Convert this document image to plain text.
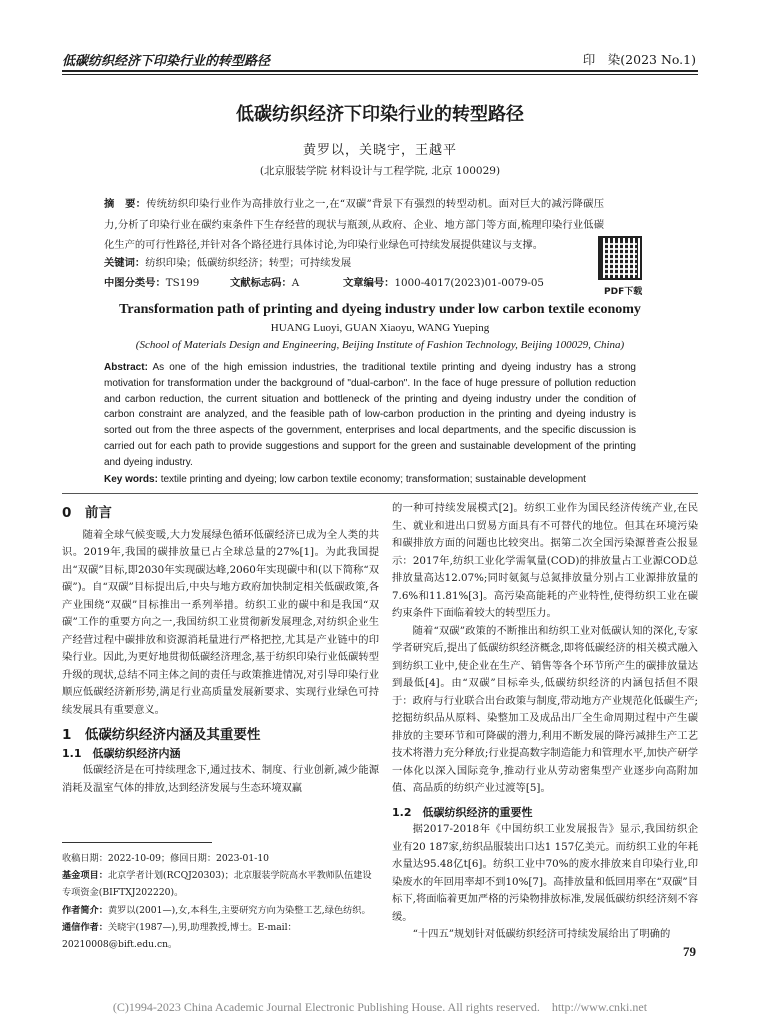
低碳纺织经济下印染行业的转型路径	印　染(2023 No.1)
低碳纺织经济下印染行业的转型路径
黄罗以，关晓宇，王越平
(北京服装学院 材料设计与工程学院, 北京 100029)
摘　要：传统纺织印染行业作为高排放行业之一,在“双碳”背景下有强烈的转型动机。面对巨大的减污降碳压力,分析了印染行业在碳约束条件下生存经营的现状与瓶颈,从政府、企业、地方部门等方面,梳理印染行业低碳化生产的可行性路径,并针对各个路径进行具体讨论,为印染行业绿色可持续发展提供建议与支撑。
关键词：纺织印染；低碳纺织经济；转型；可持续发展
中图分类号：TS199	文献标志码：A	文章编号：1000-4017(2023)01-0079-05
PDF下载
Transformation path of printing and dyeing industry under low carbon textile economy
HUANG Luoyi, GUAN Xiaoyu, WANG Yueping
(School of Materials Design and Engineering, Beijing Institute of Fashion Technology, Beijing 100029, China)
Abstract: As one of the high emission industries, the traditional textile printing and dyeing industry has a strong motivation for transformation under the background of "dual-carbon". In the face of huge pressure of pollution reduction and carbon reduction, the current situation and bottleneck of the printing and dyeing industry under the condition of carbon constraint are analyzed, and the feasible path of low-carbon production in the printing and dyeing industry is sorted out from the three aspects of the government, enterprises and local departments, and the specific discussion is carried out for each path to provide suggestions and support for the green and sustainable development of the printing and dyeing industry.
Key words: textile printing and dyeing; low carbon textile economy; transformation; sustainable development
0　前言

随着全球气候变暖,大力发展绿色循环低碳经济已成为全人类的共识。2019年,我国的碳排放量已占全球总量的27%[1]。为此我国提出“双碳”目标,即2030年实现碳达峰,2060年实现碳中和(以下简称“双碳”)。自“双碳”目标提出后,中央与地方政府加快制定相关低碳政策,各产业围绕“双碳”目标推出一系列举措。纺织工业的碳中和是我国“双碳”工作的重要方向之一,我国纺织工业贯彻新发展理念,对纺织企业生产经营过程中碳排放和资源消耗量进行严格把控,尤其是产业链中的印染行业。因此,为更好地贯彻低碳经济理念,基于纺织印染行业低碳转型升级的现状,总结不同主体之间的责任与政策推进情况,对引导印染行业顺应低碳经济新形势,满足行业高质量发展新要求、实现行业绿色可持续发展具有重要意义。

1　低碳纺织经济内涵及其重要性
1.1　低碳纺织经济内涵

低碳经济是在可持续理念下,通过技术、制度、行业创新,减少能源消耗及温室气体的排放,达到经济发展与生态环境双赢

收稿日期：2022-10-09；修回日期：2023-01-10
基金项目：北京学者计划(RCQJ20303)；北京服装学院高水平教师队伍建设专项资金(BIFTXJ202220)。
作者简介：黄罗以(2001—),女,本科生,主要研究方向为染整工艺,绿色纺织。
通信作者：关晓宇(1987—),男,助理教授,博士。E-mail：20210008@bift.edu.cn。

的一种可持续发展模式[2]。纺织工业作为国民经济传统产业,在民生、就业和进出口贸易方面具有不可替代的地位。但其在环境污染和碳排放方面的问题也比较突出。据第二次全国污染源普查公报显示：2017年,纺织工业化学需氧量(COD)的排放量占工业源COD总排放量高达12.07%;同时氨氮与总氮排放量分别占工业源排放量的7.6%和11.81%[3]。高污染高能耗的产业特性,使得纺织工业在碳约束条件下面临着较大的转型压力。

随着“双碳”政策的不断推出和纺织工业对低碳认知的深化,专家学者研究后,提出了低碳纺织经济概念,即将低碳经济的相关模式融入到纺织工业中,使企业在生产、销售等各个环节所产生的碳排放量达到最低[4]。由“双碳”目标牵头,低碳纺织经济的内涵包括但不限于：政府与行业联合出台政策与制度,带动地方产业规范化低碳生产;挖掘纺织品从原料、染整加工及成品出厂全生命周期过程中产生碳排放的主要环节和可降碳的潜力,利用不断发展的降污减排生产工艺技术将潜力充分释放;行业提高数字制造能力和管理水平,加快产研学一体化以深入国际竞争,推动行业从劳动密集型产业逐步向高附加值、高品质的纺织产业过渡等[5]。

1.2　低碳纺织经济的重要性

据2017-2018年《中国纺织工业发展报告》显示,我国纺织企业有20 187家,纺织品服装出口达1 157亿美元。而纺织工业的年耗水量达95.48亿t[6]。纺织工业中70%的废水排放来自印染行业,印染废水的年回用率却不到10%[7]。高排放量和低回用率在“双碳”目标下,将面临着更加严格的污染物排放标准,发展低碳纺织经济刻不容缓。

“十四五”规划针对低碳纺织经济可持续发展给出了明确的

79
(C)1994-2023 China Academic Journal Electronic Publishing House. All rights reserved.　http://www.cnki.net
